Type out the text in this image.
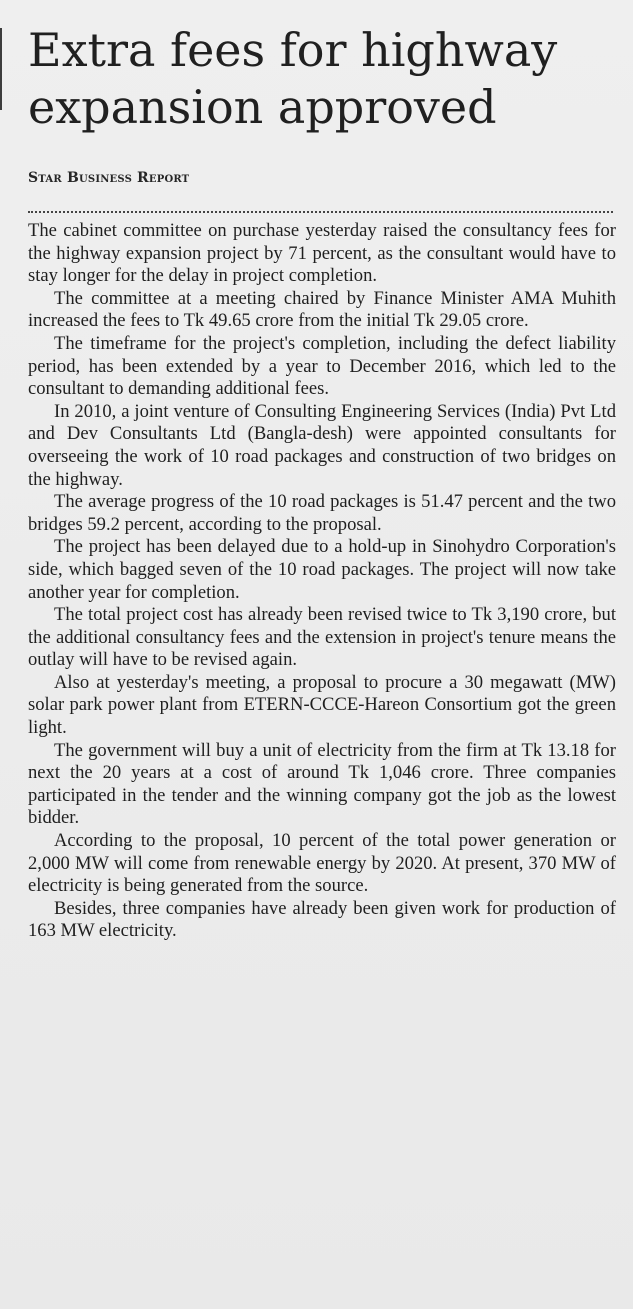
Extra fees for highway
expansion approved
Star Business Report

The cabinet committee on purchase yesterday raised the consultancy fees for the highway expansion project by 71 percent, as the consultant would have to stay longer for the delay in project completion.

The committee at a meeting chaired by Finance Minister AMA Muhith increased the fees to Tk 49.65 crore from the initial Tk 29.05 crore.

The timeframe for the project's completion, including the defect liability period, has been extended by a year to December 2016, which led to the consultant to demanding additional fees.

In 2010, a joint venture of Consulting Engineering Services (India) Pvt Ltd and Dev Consultants Ltd (Bangla-desh) were appointed consultants for overseeing the work of 10 road packages and construction of two bridges on the highway.

The average progress of the 10 road packages is 51.47 percent and the two bridges 59.2 percent, according to the proposal.

The project has been delayed due to a hold-up in Sinohydro Corporation's side, which bagged seven of the 10 road packages. The project will now take another year for completion.

The total project cost has already been revised twice to Tk 3,190 crore, but the additional consultancy fees and the extension in project's tenure means the outlay will have to be revised again.

Also at yesterday's meeting, a proposal to procure a 30 megawatt (MW) solar park power plant from ETERN-CCCE-Hareon Consortium got the green light.

The government will buy a unit of electricity from the firm at Tk 13.18 for next the 20 years at a cost of around Tk 1,046 crore. Three companies participated in the tender and the winning company got the job as the lowest bidder.

According to the proposal, 10 percent of the total power generation or 2,000 MW will come from renewable energy by 2020. At present, 370 MW of electricity is being generated from the source.

Besides, three companies have already been given work for production of 163 MW electricity.
